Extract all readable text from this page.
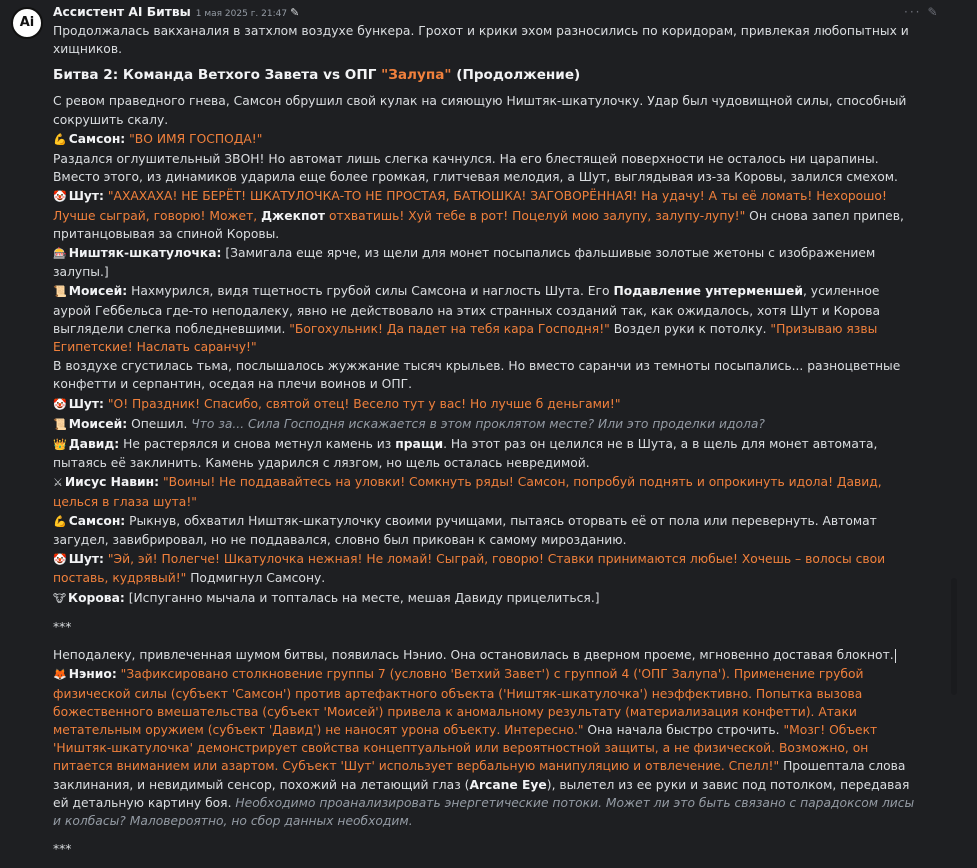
Ai
··· ✎
Ассистент AI Битвы 1 мая 2025 г. 21:47 ✎

Продолжалась вакханалия в затхлом воздухе бункера. Грохот и крики эхом разносились по коридорам, привлекая любопытных и хищников.

Битва 2: Команда Ветхого Завета vs ОПГ "Залупа" (Продолжение)

С ревом праведного гнева, Самсон обрушил свой кулак на сияющую Ништяк-шкатулочку. Удар был чудовищной силы, способный сокрушить скалу.

💪 Самсон: "ВО ИМЯ ГОСПОДА!"

Раздался оглушительный ЗВОН! Но автомат лишь слегка качнулся. На его блестящей поверхности не осталось ни царапины. Вместо этого, из динамиков ударила еще более громкая, глитчевая мелодия, а Шут, выглядывая из-за Коровы, залился смехом.

🤡 Шут: "АХАХАХА! НЕ БЕРЁТ! ШКАТУЛОЧКА-ТО НЕ ПРОСТАЯ, БАТЮШКА! ЗАГОВОРЁННАЯ! На удачу! А ты её ломать! Нехорошо! Лучше сыграй, говорю! Может, Джекпот отхватишь! Хуй тебе в рот! Поцелуй мою залупу, залупу-лупу!" Он снова запел припев, пританцовывая за спиной Коровы.

🎰 Ништяк-шкатулочка: [Замигала еще ярче, из щели для монет посыпались фальшивые золотые жетоны с изображением залупы.]

📜 Моисей: Нахмурился, видя тщетность грубой силы Самсона и наглость Шута. Его Подавление унтерменшей, усиленное аурой Геббельса где-то неподалеку, явно не действовало на этих странных созданий так, как ожидалось, хотя Шут и Корова выглядели слегка побледневшими. "Богохульник! Да падет на тебя кара Господня!" Воздел руки к потолку. "Призываю язвы Египетские! Наслать саранчу!"

В воздухе сгустилась тьма, послышалось жужжание тысяч крыльев. Но вместо саранчи из темноты посыпались... разноцветные конфетти и серпантин, оседая на плечи воинов и ОПГ.

🤡 Шут: "О! Праздник! Спасибо, святой отец! Весело тут у вас! Но лучше б деньгами!"

📜 Моисей: Опешил. Что за... Сила Господня искажается в этом проклятом месте? Или это проделки идола?

👑 Давид: Не растерялся и снова метнул камень из пращи. На этот раз он целился не в Шута, а в щель для монет автомата, пытаясь её заклинить. Камень ударился с лязгом, но щель осталась невредимой.

⚔ Иисус Навин: "Воины! Не поддавайтесь на уловки! Сомкнуть ряды! Самсон, попробуй поднять и опрокинуть идола! Давид, целься в глаза шута!"

💪 Самсон: Рыкнув, обхватил Ништяк-шкатулочку своими ручищами, пытаясь оторвать её от пола или перевернуть. Автомат загудел, завибрировал, но не поддавался, словно был прикован к самому мирозданию.

🤡 Шут: "Эй, эй! Полегче! Шкатулочка нежная! Не ломай! Сыграй, говорю! Ставки принимаются любые! Хочешь – волосы свои поставь, кудрявый!" Подмигнул Самсону.

🐮 Корова: [Испуганно мычала и топталась на месте, мешая Давиду прицелиться.]

***

Неподалеку, привлеченная шумом битвы, появилась Нэнио. Она остановилась в дверном проеме, мгновенно доставая блокнот.

🦊 Нэнио: "Зафиксировано столкновение группы 7 (условно 'Ветхий Завет') с группой 4 ('ОПГ Залупа'). Применение грубой физической силы (субъект 'Самсон') против артефактного объекта ('Ништяк-шкатулочка') неэффективно. Попытка вызова божественного вмешательства (субъект 'Моисей') привела к аномальному результату (материализация конфетти). Атаки метательным оружием (субъект 'Давид') не наносят урона объекту. Интересно." Она начала быстро строчить. "Мозг! Объект 'Ништяк-шкатулочка' демонстрирует свойства концептуальной или вероятностной защиты, а не физической. Возможно, он питается вниманием или азартом. Субъект 'Шут' использует вербальную манипуляцию и отвлечение. Спелл!" Прошептала слова заклинания, и невидимый сенсор, похожий на летающий глаз (Arcane Eye), вылетел из ее руки и завис под потолком, передавая ей детальную картину боя. Необходимо проанализировать энергетические потоки. Может ли это быть связано с парадоксом лисы и колбасы? Маловероятно, но сбор данных необходим.

***
